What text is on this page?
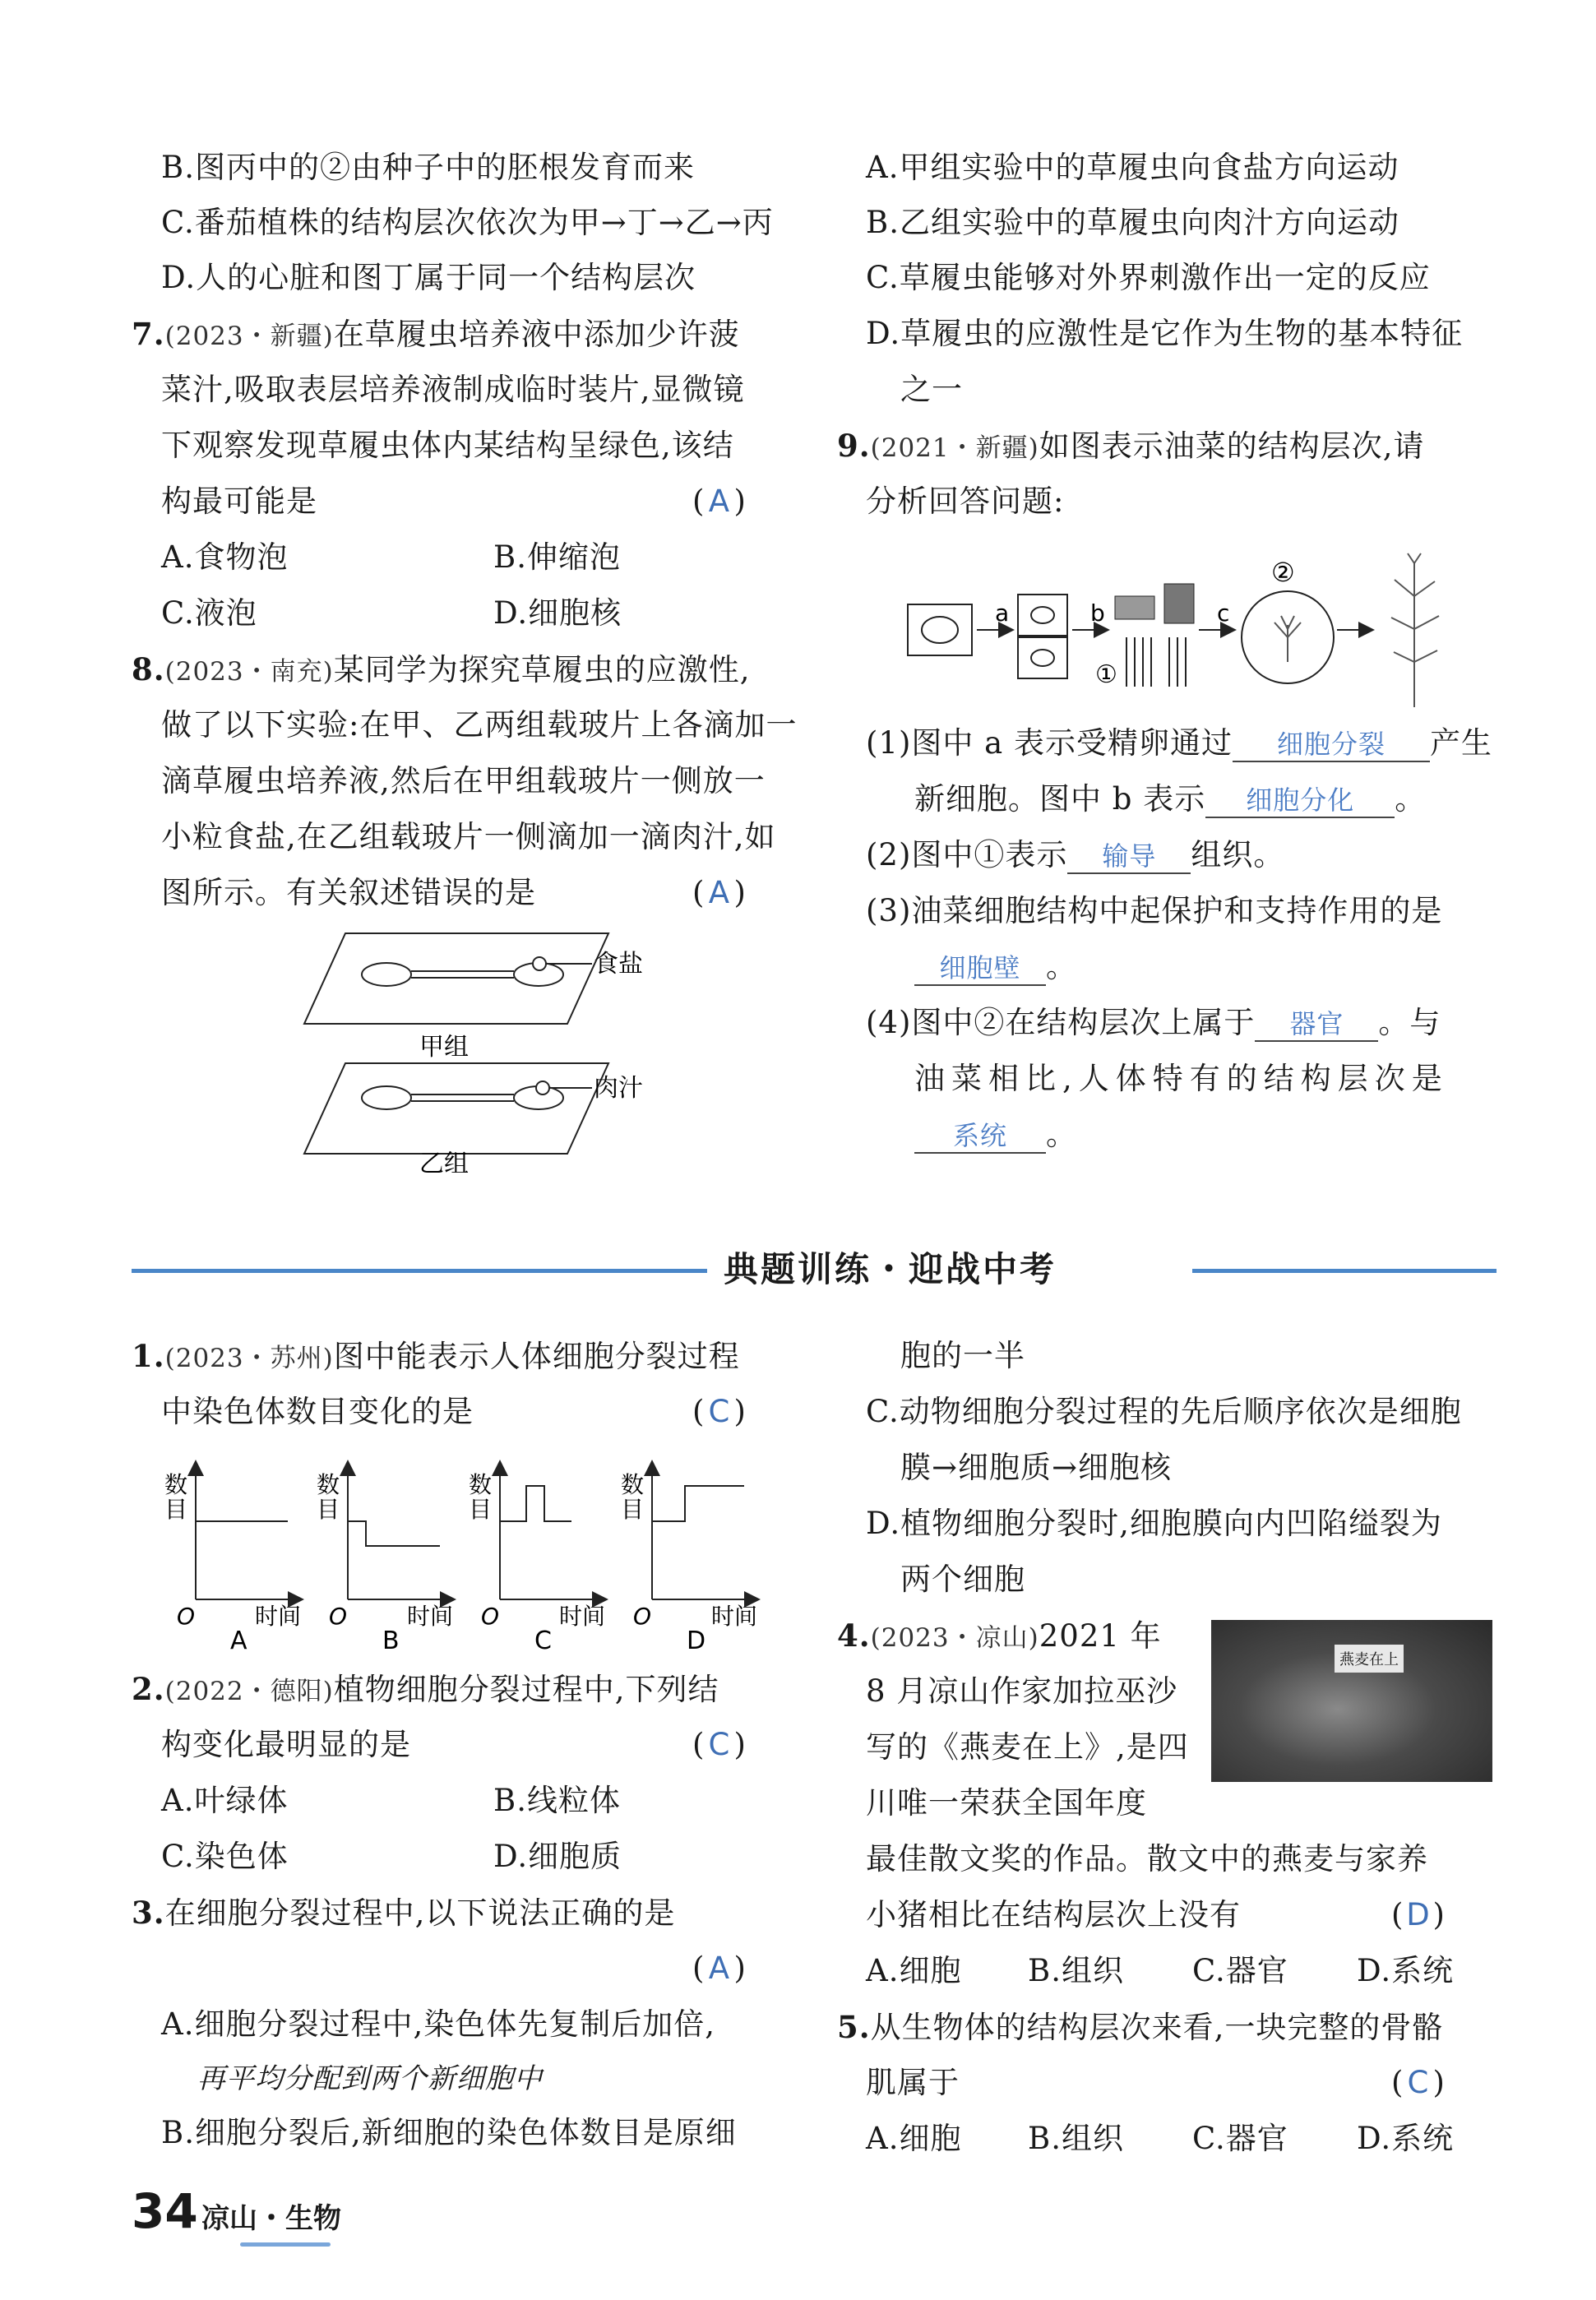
B.图丙中的②由种子中的胚根发育而来
C.番茄植株的结构层次依次为甲→丁→乙→丙
D.人的心脏和图丁属于同一个结构层次
7.(2023・新疆)在草履虫培养液中添加少许菠
菜汁,吸取表层培养液制成临时装片,显微镜
下观察发现草履虫体内某结构呈绿色,该结
构最可能是	( A )
A.食物泡	B.伸缩泡
C.液泡	D.细胞核
8.(2023・南充)某同学为探究草履虫的应激性,
做了以下实验:在甲、乙两组载玻片上各滴加一
滴草履虫培养液,然后在甲组载玻片一侧放一
小粒食盐,在乙组载玻片一侧滴加一滴肉汁,如
图所示。有关叙述错误的是	( A )
食盐
甲组
肉汁
乙组
A.甲组实验中的草履虫向食盐方向运动
B.乙组实验中的草履虫向肉汁方向运动
C.草履虫能够对外界刺激作出一定的反应
D.草履虫的应激性是它作为生物的基本特征
之一
9.(2021・新疆)如图表示油菜的结构层次,请
分析回答问题:
a	b
①
c
②
(1)图中 a 表示受精卵通过 细胞分裂 产生
新细胞。图中 b 表示 细胞分化 。
(2)图中①表示 输导 组织。
(3)油菜细胞结构中起保护和支持作用的是
细胞壁 。
(4)图中②在结构层次上属于 器官 。与
油菜相比,人体特有的结构层次是
系统 。
典题训练・迎战中考
1.(2023・苏州)图中能表示人体细胞分裂过程
中染色体数目变化的是	( C )
数
目
O	时间
A
数
目
O	时间
B
数
目
O	时间
C
数
目
O	时间
D
2.(2022・德阳)植物细胞分裂过程中,下列结
构变化最明显的是	( C )
A.叶绿体	B.线粒体
C.染色体	D.细胞质
3.在细胞分裂过程中,以下说法正确的是
( A )
A.细胞分裂过程中,染色体先复制后加倍,
再平均分配到两个新细胞中
B.细胞分裂后,新细胞的染色体数目是原细
胞的一半
C.动物细胞分裂过程的先后顺序依次是细胞
膜→细胞质→细胞核
D.植物细胞分裂时,细胞膜向内凹陷缢裂为
两个细胞
4.(2023・凉山)2021 年
8 月凉山作家加拉巫沙
写的《燕麦在上》,是四
川唯一荣获全国年度
燕麦在上
最佳散文奖的作品。散文中的燕麦与家养
小猪相比在结构层次上没有	( D )
A.细胞 B.组织 C.器官 D.系统
5.从生物体的结构层次来看,一块完整的骨骼
肌属于	( C )
A.细胞 B.组织 C.器官 D.系统
34 凉山・生物
